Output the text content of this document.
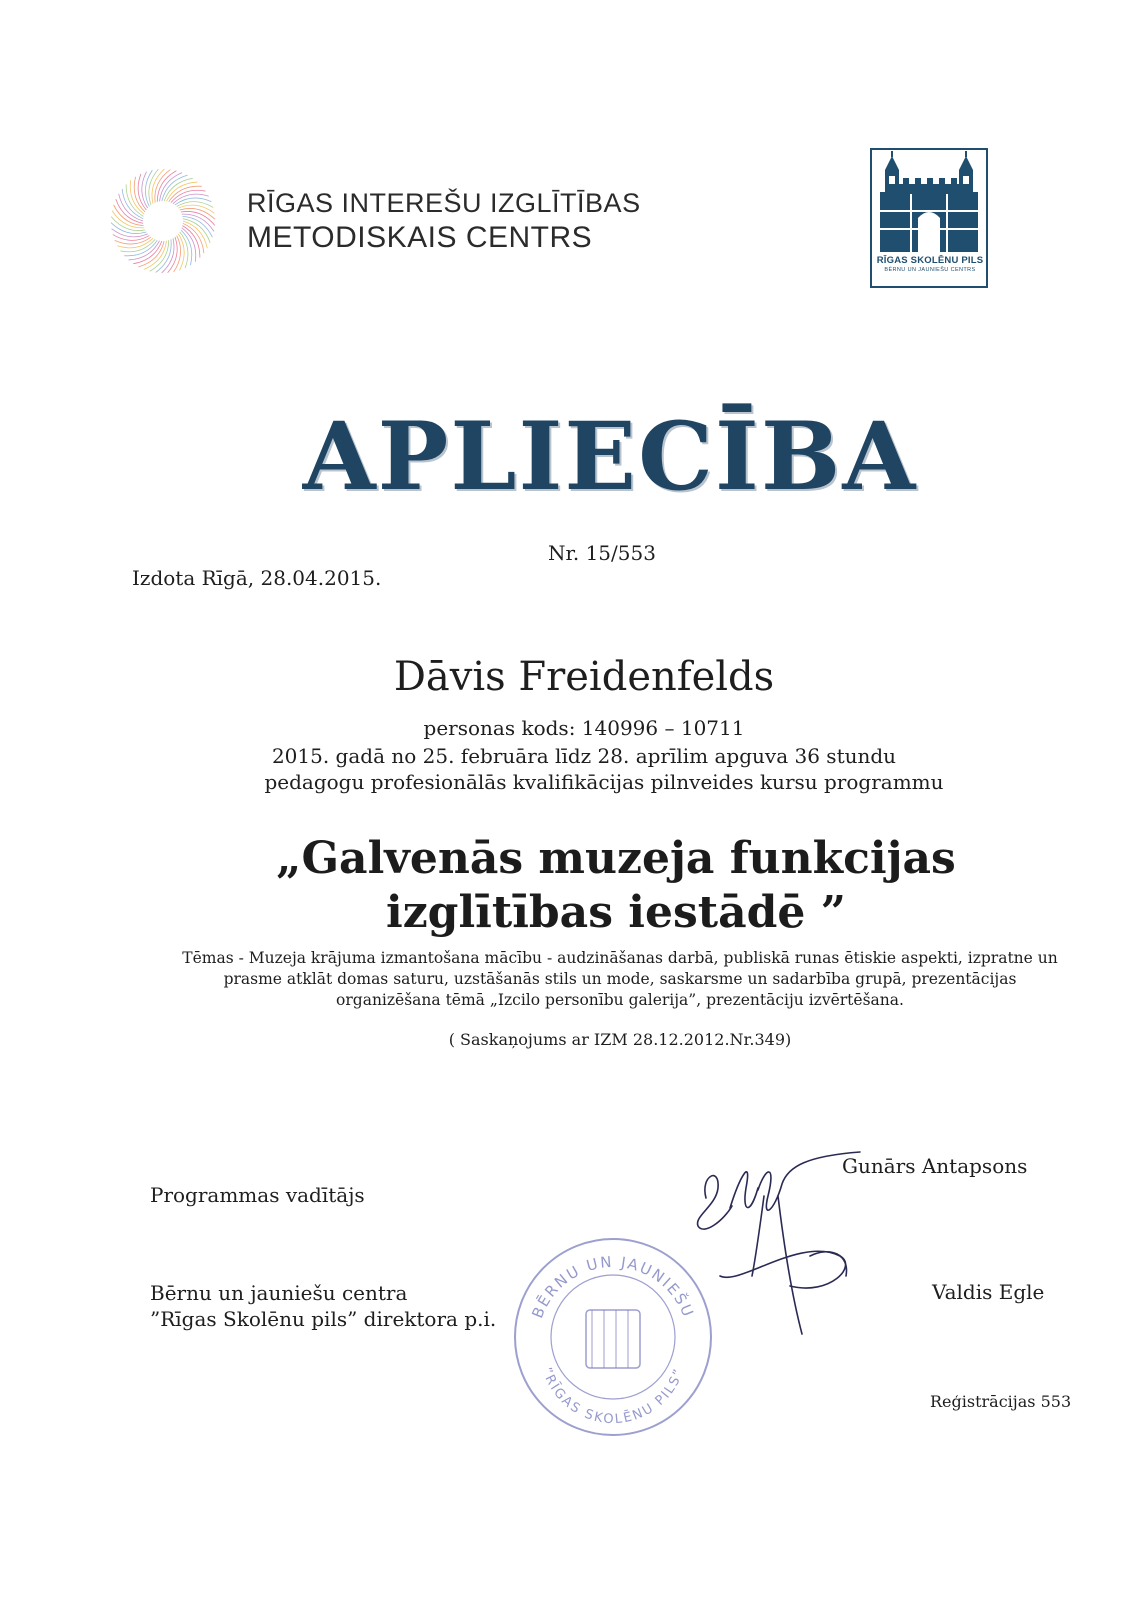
RĪGAS INTEREŠU IZGLĪTĪBAS
METODISKAIS CENTRS
RĪGAS SKOLĒNU PILS
BĒRNU UN JAUNIEŠU CENTRS
APLIECĪBA
Nr. 15/553
Izdota Rīgā, 28.04.2015.
Dāvis Freidenfelds
personas kods: 140996 – 10711
2015. gadā no 25. februāra līdz 28. aprīlim apguva 36 stundu
pedagogu profesionālās kvalifikācijas pilnveides kursu programmu
„Galvenās muzeja funkcijas
izglītības iestādē ”
Tēmas - Muzeja krājuma izmantošana mācību - audzināšanas darbā, publiskā runas ētiskie aspekti, izpratne un prasme atklāt domas saturu, uzstāšanās stils un mode, saskarsme un sadarbība grupā, prezentācijas organizēšana tēmā „Izcilo personību galerija”, prezentāciju izvērtēšana.
( Saskaņojums ar IZM 28.12.2012.Nr.349)
BĒRNU UN JAUNIEŠU
”RĪGAS SKOLĒNU PILS”
Gunārs Antapsons
Programmas vadītājs
Bērnu un jauniešu centra
”Rīgas Skolēnu pils” direktora p.i.
Valdis Egle
Reģistrācijas 553
